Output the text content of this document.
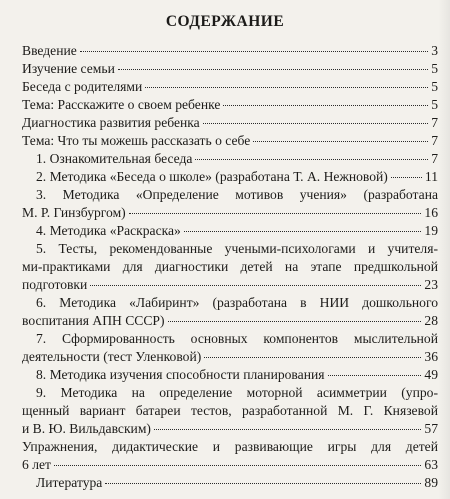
СОДЕРЖАНИЕ
Введение	3
Изучение семьи	5
Беседа с родителями	5
Тема: Расскажите о своем ребенке	5
Диагностика развития ребенка	7
Тема: Что ты можешь рассказать о себе	7
1. Ознакомительная беседа	7
2. Методика «Беседа о школе» (разработана Т. А. Нежновой)	11
3. Методика «Определение мотивов учения» (разработана
М. Р. Гинзбургом)	16
4. Методика «Раскраска»	19
5. Тесты, рекомендованные учеными-психологами и учителя-
ми-практиками для диагностики детей на этапе предшкольной
подготовки	23
6. Методика «Лабиринт» (разработана в НИИ дошкольного
воспитания АПН СССР)	28
7. Сформированность основных компонентов мыслительной
деятельности (тест Уленковой)	36
8. Методика изучения способности планирования	49
9. Методика на определение моторной асимметрии (упро-
щенный вариант батареи тестов, разработанной М. Г. Князевой
и В. Ю. Вильдавским)	57
Упражнения, дидактические и развивающие игры для детей
6 лет	63
Литература	89
